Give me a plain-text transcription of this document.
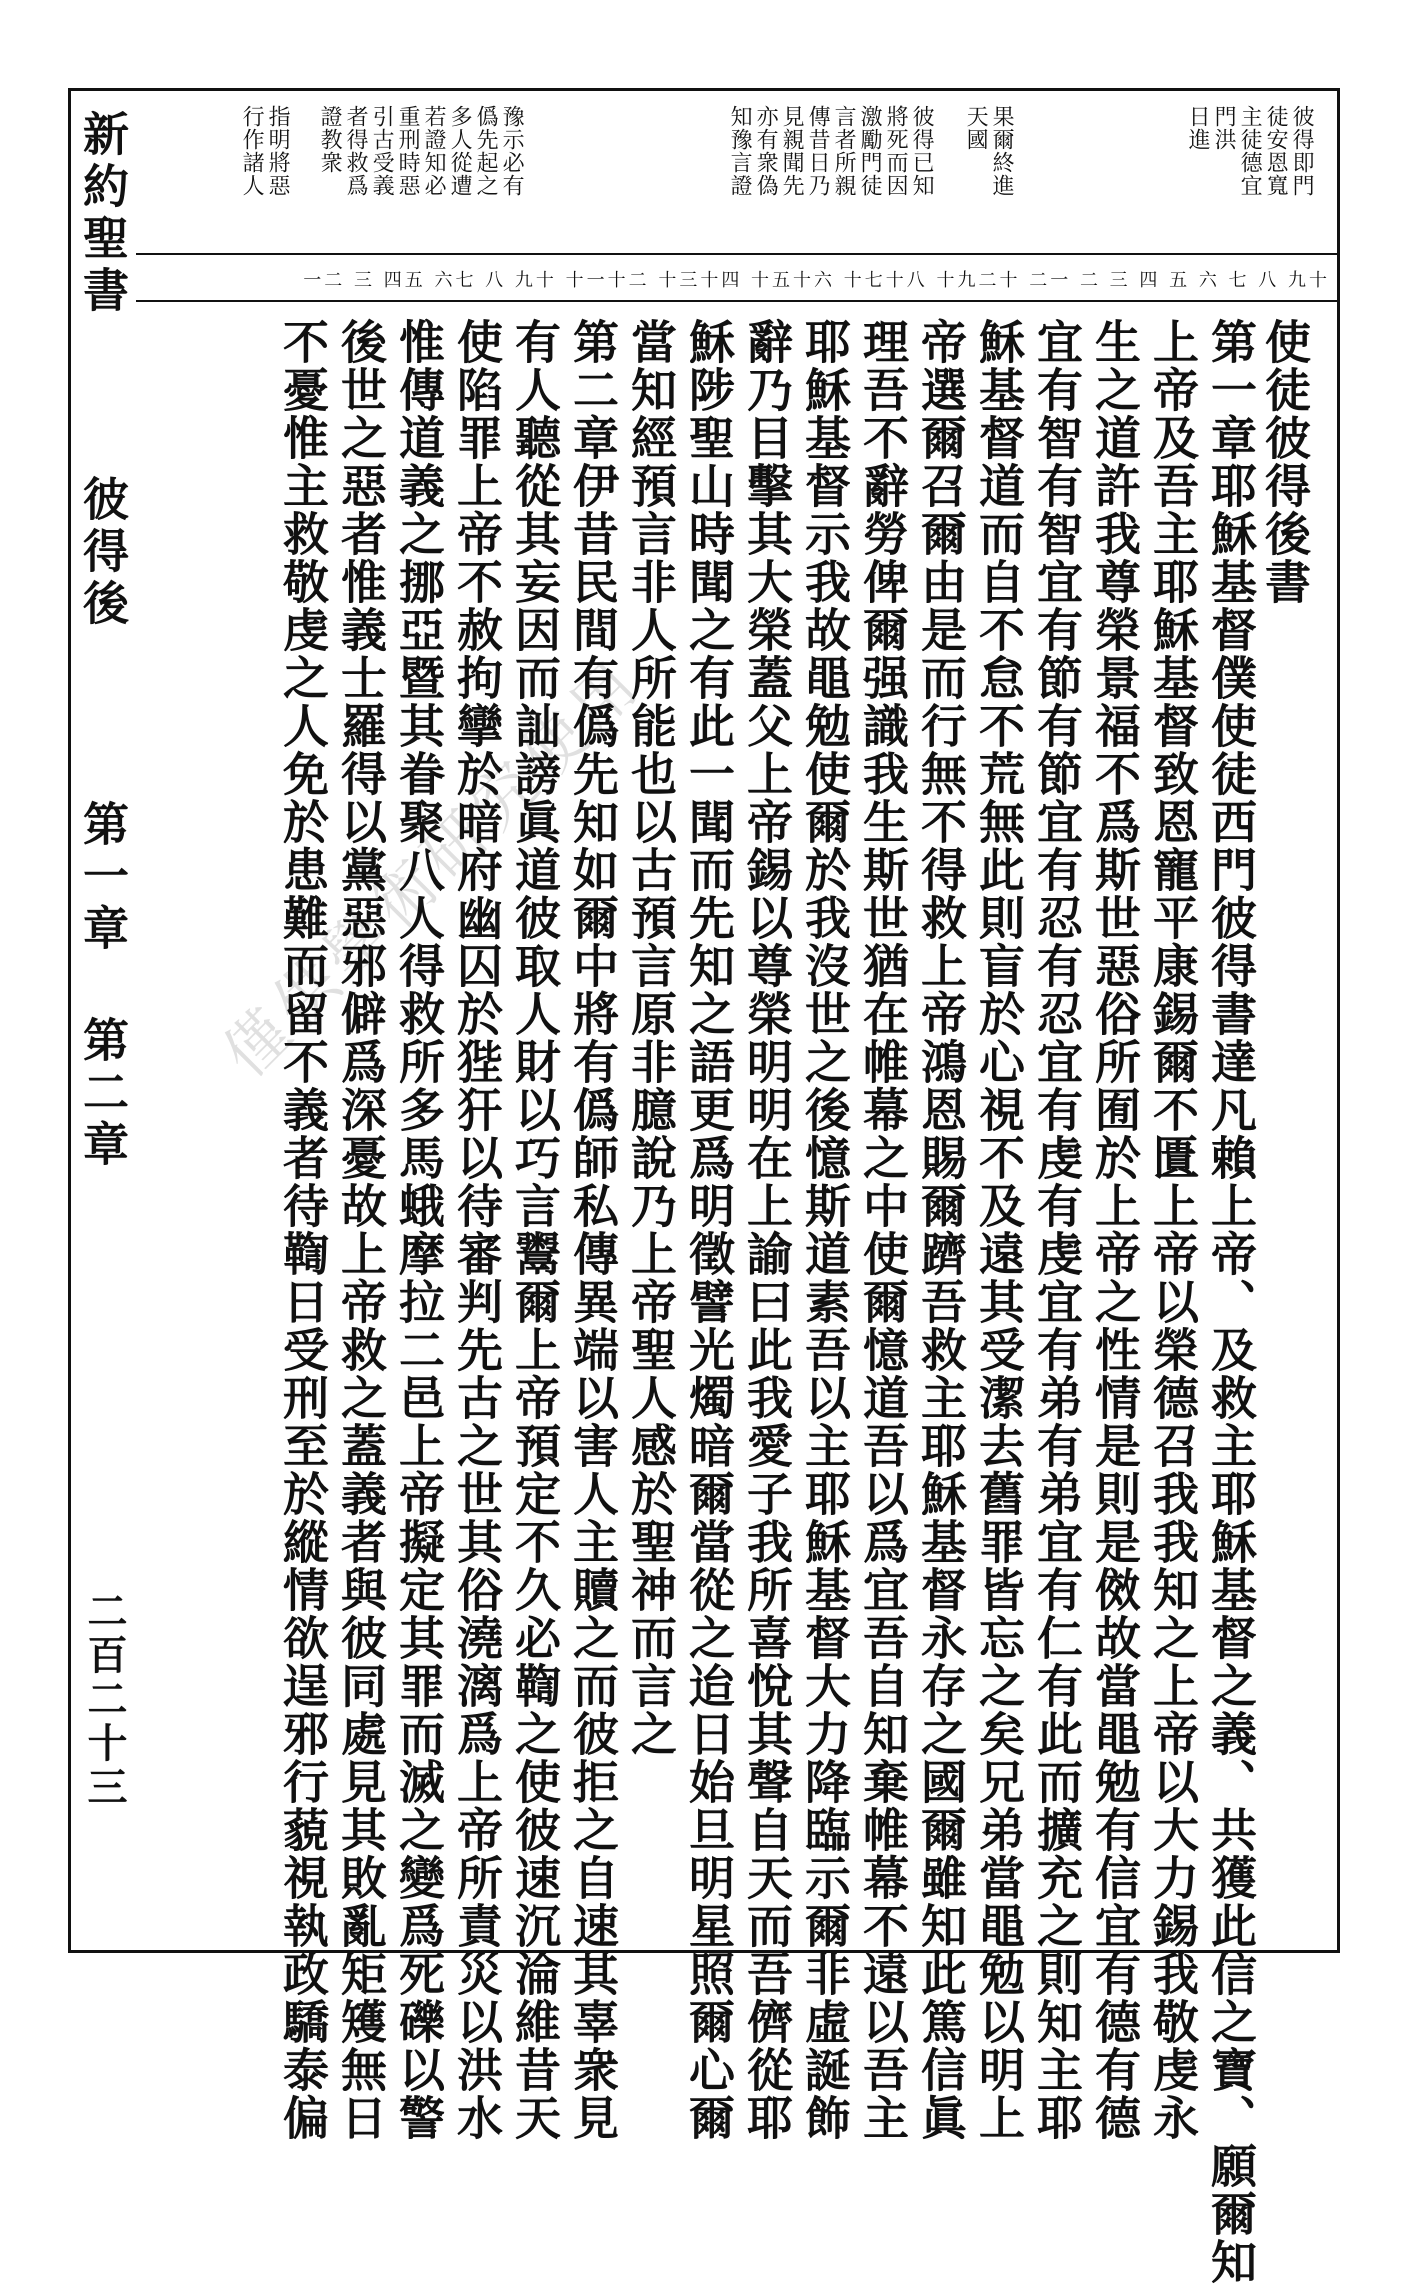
新約聖書
彼得後
第一章 第二章
二百二十三
彼得即門
徒安恩寬
主徒德宜
門洪
日進
果爾終進
天國
彼得已知
將死而因
激勵門徒
言者所親
傳昔日乃
見親聞先
亦有衆偽
知豫言證
豫示必有
僞先起之
多人從遭
若證知必
重刑時惡
引古受義
者得救爲
證教衆
指明將惡
行作諸人
一二 三 四五 六七 八 九十 十一十二 十三十四 十五十六 十七十八 十九二十 二一 二 三 四 五 六 七 八 九十
使徒彼得後書
第一章耶穌基督僕使徒西門彼得書達凡賴上帝、及救主耶穌基督之義、共獲此信之寶、願爾知
上帝及吾主耶穌基督致恩寵平康錫爾不匱上帝以榮德召我我知之上帝以大力錫我敬虔永
生之道許我尊榮景福不爲斯世惡俗所囿於上帝之性情是則是傚故當黽勉有信宜有德有德
宜有智有智宜有節有節宜有忍有忍宜有虔有虔宜有弟有弟宜有仁有此而擴充之則知主耶
穌基督道而自不怠不荒無此則盲於心視不及遠其受潔去舊罪皆忘之矣兄弟當黽勉以明上
帝選爾召爾由是而行無不得救上帝鴻恩賜爾躋吾救主耶穌基督永存之國爾雖知此篤信眞
理吾不辭勞俾爾强識我生斯世猶在帷幕之中使爾憶道吾以爲宜吾自知棄帷幕不遠以吾主
耶穌基督示我故黽勉使爾於我沒世之後憶斯道素吾以主耶穌基督大力降臨示爾非虛誕飾
辭乃目擊其大榮蓋父上帝錫以尊榮明明在上諭曰此我愛子我所喜悅其聲自天而吾儕從耶
穌陟聖山時聞之有此一聞而先知之語更爲明徵譬光燭暗爾當從之迨日始旦明星照爾心爾
當知經預言非人所能也以古預言原非臆說乃上帝聖人感於聖神而言之
第二章伊昔民間有僞先知如爾中將有僞師私傳異端以害人主贖之而彼拒之自速其辜衆見
有人聽從其妄因而訕謗眞道彼取人財以巧言鬻爾上帝預定不久必鞫之使彼速沉淪維昔天
使陷罪上帝不赦拘攣於暗府幽囚於狴犴以待審判先古之世其俗澆漓爲上帝所責災以洪水
惟傳道義之挪亞暨其眷聚八人得救所多馬蛾摩拉二邑上帝擬定其罪而滅之變爲死礫以警
後世之惡者惟義士羅得以黨惡邪僻爲深憂故上帝救之蓋義者與彼同處見其敗亂矩矱無日
不憂惟主救敬虔之人免於患難而留不義者待鞫日受刑至於縱情欲逞邪行藐視執政驕泰偏
僅供學術研究使用
